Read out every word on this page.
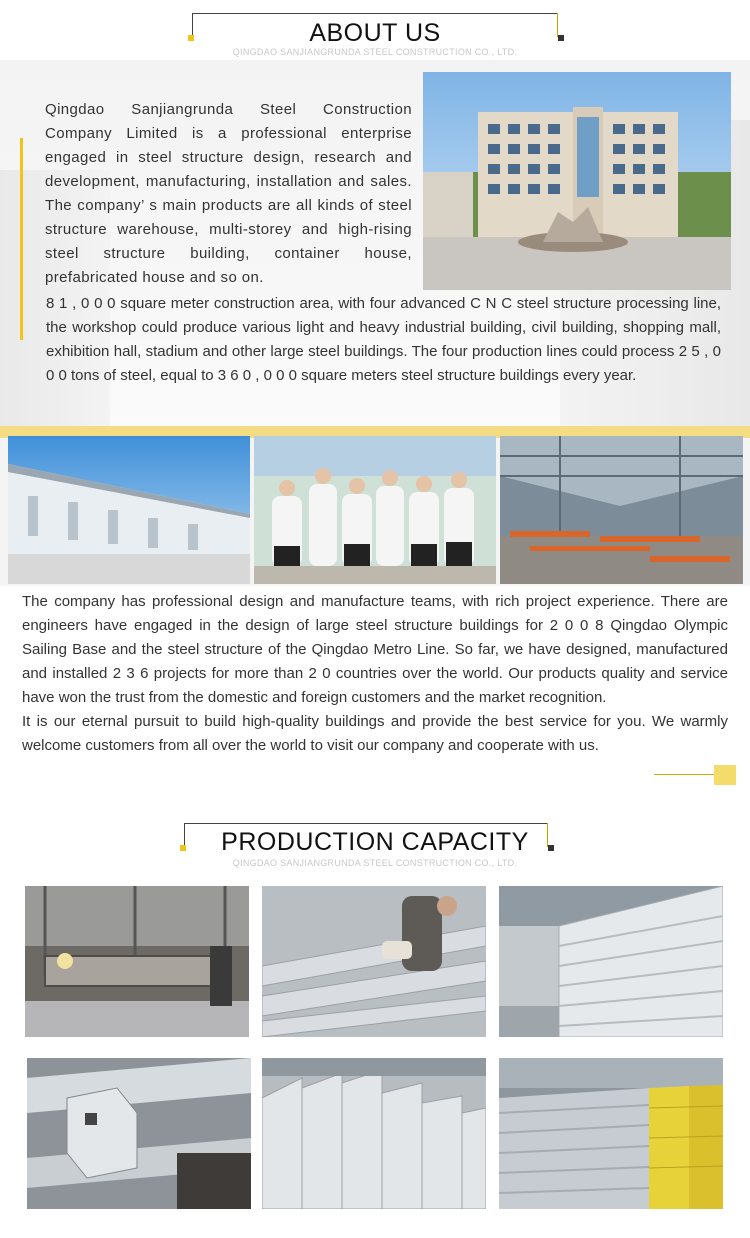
ABOUT US
QINGDAO SANJIANGRUNDA STEEL CONSTRUCTION CO., LTD.
Qingdao Sanjiangrunda Steel Construction Company Limited is a professional enterprise engaged in steel structure design, research and development, manufacturing, installation and sales. The company’ s main products are all kinds of steel structure warehouse, multi-storey and high-rising steel structure building, container house, prefabricated house and so on.
8 1 , 0 0 0 square meter construction area, with four advanced C N C steel structure processing line, the workshop could produce various light and heavy industrial building, civil building, shopping mall, exhibition hall, stadium and other large steel buildings. The four production lines could process 2 5 , 0 0 0 tons of steel, equal to 3 6 0 , 0 0 0 square meters steel structure buildings every year.

The company has professional design and manufacture teams, with rich project experience. There are engineers have engaged in the design of large steel structure buildings for 2 0 0 8 Qingdao Olympic Sailing Base and the steel structure of the Qingdao Metro Line. So far, we have designed, manufactured and installed 2 3 6 projects for more than 2 0 countries over the world. Our products quality and service have won the trust from the domestic and foreign customers and the market recognition.

It is our eternal pursuit to build high-quality buildings and provide the best service for you. We warmly welcome customers from all over the world to visit our company and cooperate with us.

PRODUCTION CAPACITY
QINGDAO SANJIANGRUNDA STEEL CONSTRUCTION CO., LTD.
